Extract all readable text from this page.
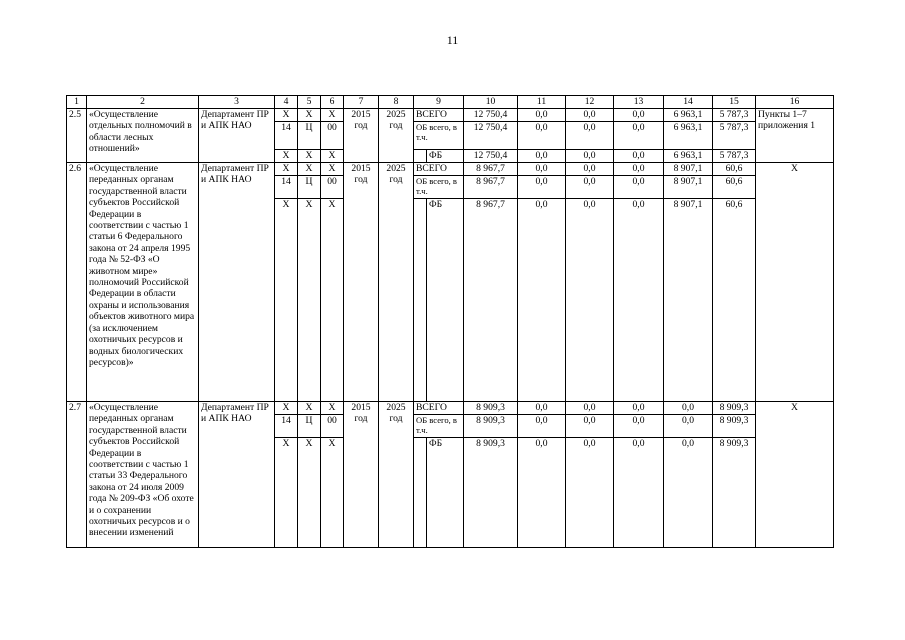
11
1	2	3	4	5	6	7	8	9		10	11	12	13	14	15	16
2.5	«Осуществление отдельных полномочий в области лесных отношений»	Департамент ПР и АПК НАО	Х	Х	Х	2015 год	2025 год	ВСЕГО		12 750,4	0,0	0,0	0,0	6 963,1	5 787,3	Пункты 1–7 приложения 1
			14	Ц	00			ОБ всего, в т.ч.		12 750,4	0,0	0,0	0,0	6 963,1	5 787,3	
			Х	Х	Х				ФБ	12 750,4	0,0	0,0	0,0	6 963,1	5 787,3	
2.6	«Осуществление переданных органам государственной власти субъектов Российской Федерации в соответствии с частью 1 статьи 6 Федерального закона от 24 апреля 1995 года № 52-ФЗ «О животном мире» полномочий Российской Федерации в области охраны и использования объектов животного мира (за исключением охотничьих ресурсов и водных биологических ресурсов)»	Департамент ПР и АПК НАО	Х	Х	Х	2015 год	2025 год	ВСЕГО		8 967,7	0,0	0,0	0,0	8 907,1	60,6	Х
			14	Ц	00			ОБ всего, в т.ч.		8 967,7	0,0	0,0	0,0	8 907,1	60,6	
			Х	Х	Х				ФБ	8 967,7	0,0	0,0	0,0	8 907,1	60,6	
2.7	«Осуществление переданных органам государственной власти субъектов Российской Федерации в соответствии с частью 1 статьи 33 Федерального закона от 24 июля 2009 года № 209-ФЗ «Об охоте и о сохранении охотничьих ресурсов и о внесении изменений	Департамент ПР и АПК НАО	Х	Х	Х	2015 год	2025 год	ВСЕГО		8 909,3	0,0	0,0	0,0	0,0	8 909,3	Х
			14	Ц	00			ОБ всего, в т.ч.		8 909,3	0,0	0,0	0,0	0,0	8 909,3	
			Х	Х	Х				ФБ	8 909,3	0,0	0,0	0,0	0,0	8 909,3	
